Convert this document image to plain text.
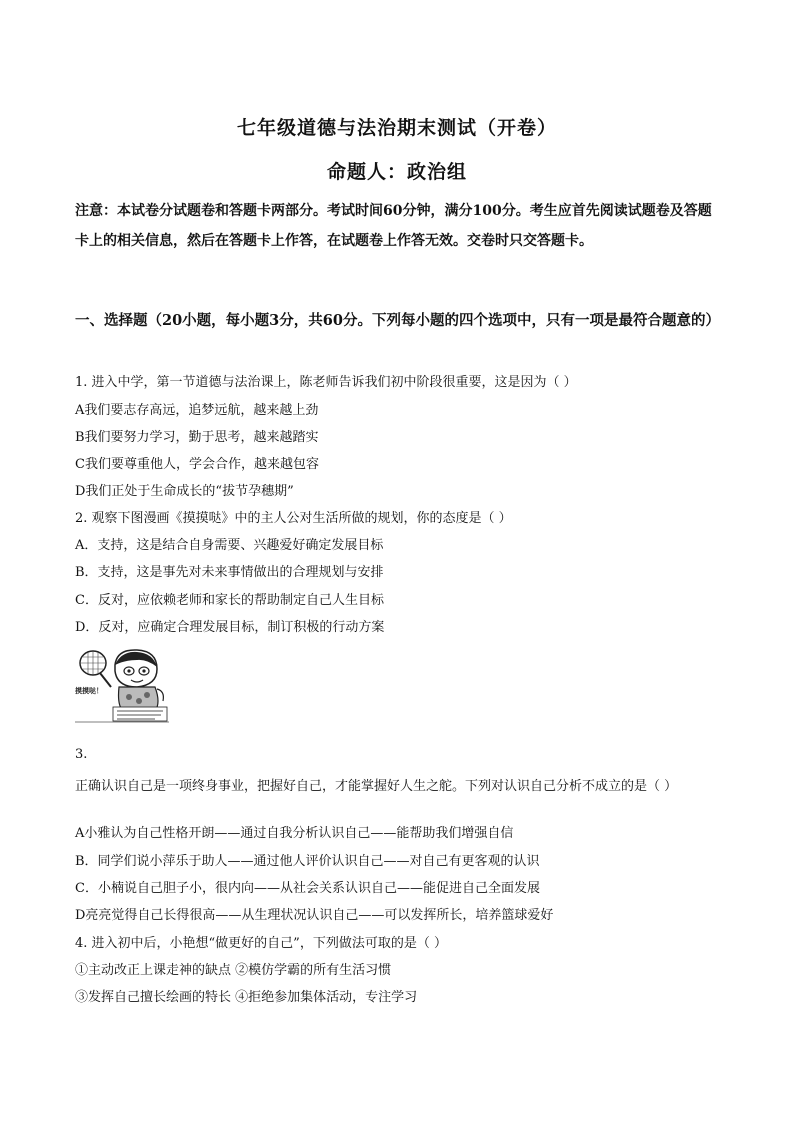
七年级道德与法治期末测试（开卷）
命题人：政治组
注意：本试卷分试题卷和答题卡两部分。考试时间60分钟，满分100分。考生应首先阅读试题卷及答题卡上的相关信息，然后在答题卡上作答，在试题卷上作答无效。交卷时只交答题卡。
一、选择题（20小题，每小题3分，共60分。下列每小题的四个选项中，只有一项是最符合题意的）
1. 进入中学，第一节道德与法治课上，陈老师告诉我们初中阶段很重要，这是因为（ ）
A我们要志存高远，追梦远航，越来越上劲
B我们要努力学习，勤于思考，越来越踏实
C我们要尊重他人，学会合作，越来越包容
D我们正处于生命成长的“拔节孕穗期”
2. 观察下图漫画《摸摸哒》中的主人公对生活所做的规划，你的态度是（ ）
A．支持，这是结合自身需要、兴趣爱好确定发展目标
B．支持，这是事先对未来事情做出的合理规划与安排
C．反对，应依赖老师和家长的帮助制定自己人生目标
D．反对，应确定合理发展目标，制订积极的行动方案
摸摸哒！
3.
正确认识自己是一项终身事业，把握好自己，才能掌握好人生之舵。下列对认识自己分析不成立的是（ ）
A小雅认为自己性格开朗——通过自我分析认识自己——能帮助我们增强自信
B．同学们说小萍乐于助人——通过他人评价认识自己——对自己有更客观的认识
C．小楠说自己胆子小，很内向——从社会关系认识自己——能促进自己全面发展
D亮亮觉得自己长得很高——从生理状况认识自己——可以发挥所长，培养篮球爱好
4. 进入初中后，小艳想“做更好的自己”，下列做法可取的是（ ）
①主动改正上课走神的缺点 ②模仿学霸的所有生活习惯
③发挥自己擅长绘画的特长 ④拒绝参加集体活动，专注学习
